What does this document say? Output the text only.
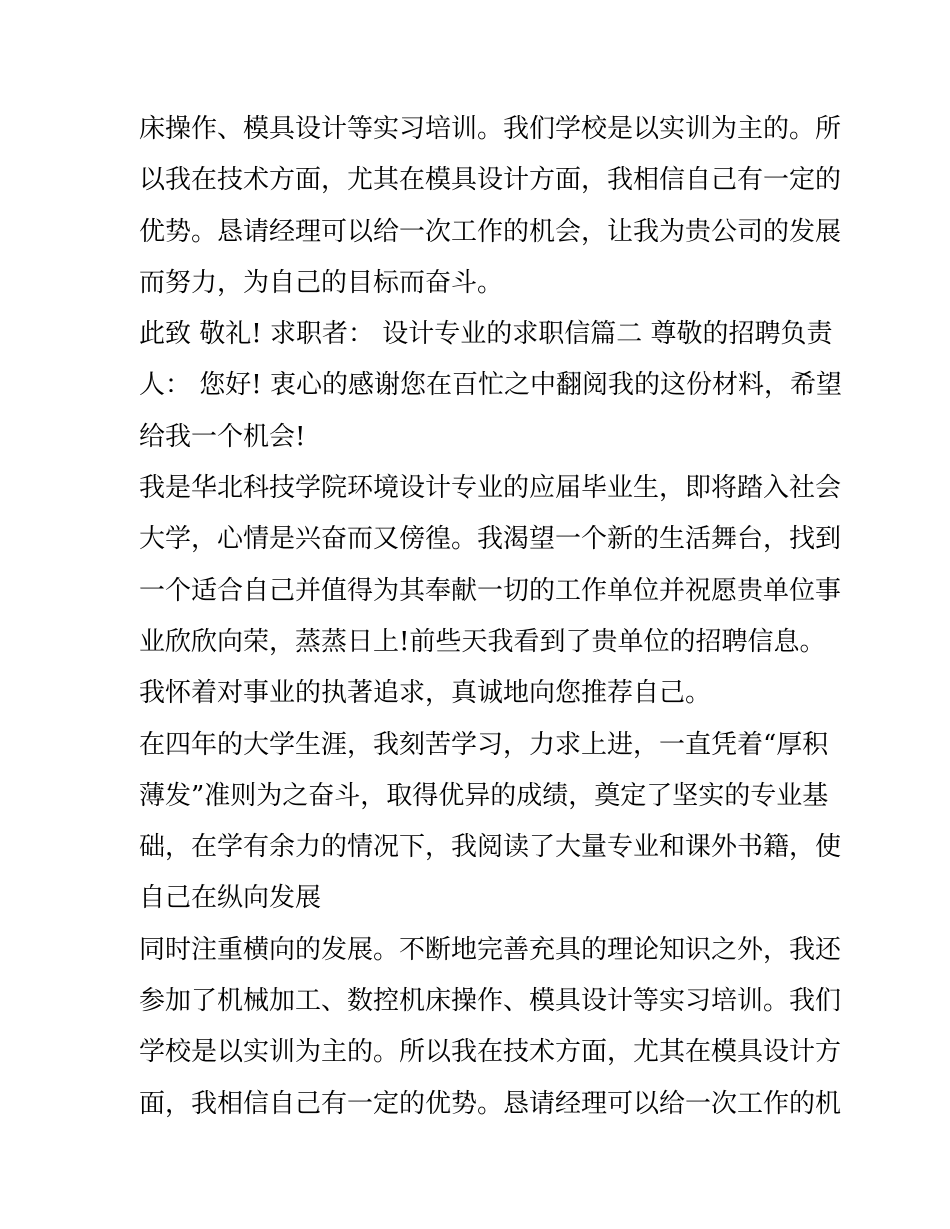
床操作、模具设计等实习培训。我们学校是以实训为主的。所
以我在技术方面，尤其在模具设计方面，我相信自己有一定的
优势。恳请经理可以给一次工作的机会，让我为贵公司的发展
而努力，为自己的目标而奋斗。
此致 敬礼! 求职者： 设计专业的求职信篇二 尊敬的招聘负责
人： 您好! 衷心的感谢您在百忙之中翻阅我的这份材料，希望
给我一个机会!
我是华北科技学院环境设计专业的应届毕业生，即将踏入社会
大学，心情是兴奋而又傍徨。我渴望一个新的生活舞台，找到
一个适合自己并值得为其奉献一切的工作单位并祝愿贵单位事
业欣欣向荣，蒸蒸日上!前些天我看到了贵单位的招聘信息。
我怀着对事业的执著追求，真诚地向您推荐自己。
在四年的大学生涯，我刻苦学习，力求上进，一直凭着“厚积
薄发”准则为之奋斗，取得优异的成绩，奠定了坚实的专业基
础，在学有余力的情况下，我阅读了大量专业和课外书籍，使
自己在纵向发展
同时注重横向的发展。不断地完善充具的理论知识之外，我还
参加了机械加工、数控机床操作、模具设计等实习培训。我们
学校是以实训为主的。所以我在技术方面，尤其在模具设计方
面，我相信自己有一定的优势。恳请经理可以给一次工作的机
